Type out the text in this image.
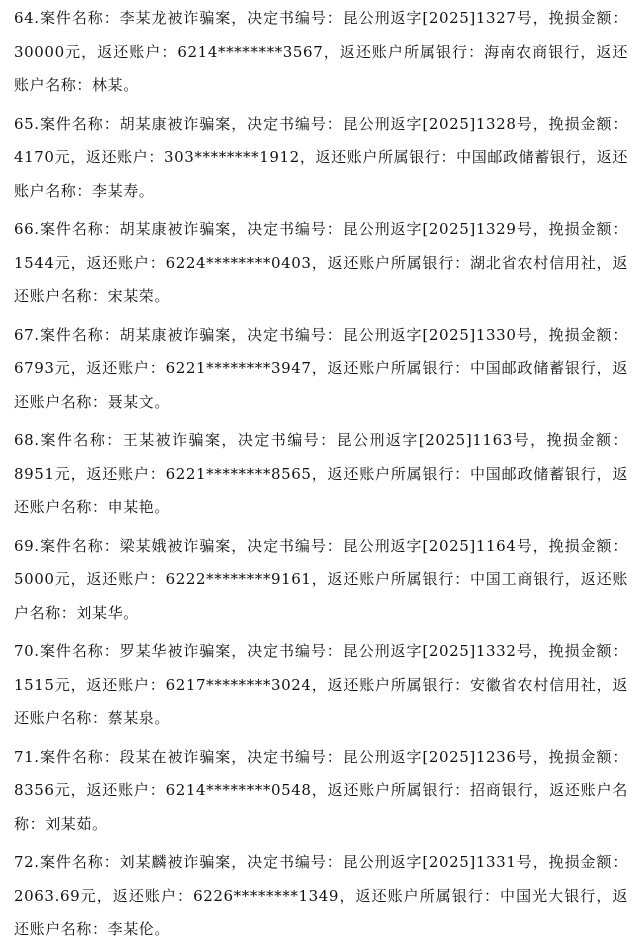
64.案件名称：李某龙被诈骗案，决定书编号：昆公刑返字[2025]1327号，挽损金额：30000元，返还账户：6214********3567，返还账户所属银行：海南农商银行，返还账户名称：林某。

65.案件名称：胡某康被诈骗案，决定书编号：昆公刑返字[2025]1328号，挽损金额：4170元，返还账户：303********1912，返还账户所属银行：中国邮政储蓄银行，返还账户名称：李某寿。

66.案件名称：胡某康被诈骗案，决定书编号：昆公刑返字[2025]1329号，挽损金额：1544元，返还账户：6224********0403，返还账户所属银行：湖北省农村信用社，返还账户名称：宋某荣。

67.案件名称：胡某康被诈骗案，决定书编号：昆公刑返字[2025]1330号，挽损金额：6793元，返还账户：6221********3947，返还账户所属银行：中国邮政储蓄银行，返还账户名称：聂某文。

68.案件名称：王某被诈骗案，决定书编号：昆公刑返字[2025]1163号，挽损金额：8951元，返还账户：6221********8565，返还账户所属银行：中国邮政储蓄银行，返还账户名称：申某艳。

69.案件名称：梁某娥被诈骗案，决定书编号：昆公刑返字[2025]1164号，挽损金额：5000元，返还账户：6222********9161，返还账户所属银行：中国工商银行，返还账户名称：刘某华。

70.案件名称：罗某华被诈骗案，决定书编号：昆公刑返字[2025]1332号，挽损金额：1515元，返还账户：6217********3024，返还账户所属银行：安徽省农村信用社，返还账户名称：蔡某泉。

71.案件名称：段某在被诈骗案，决定书编号：昆公刑返字[2025]1236号，挽损金额：8356元，返还账户：6214********0548，返还账户所属银行：招商银行，返还账户名称：刘某茹。

72.案件名称：刘某麟被诈骗案，决定书编号：昆公刑返字[2025]1331号，挽损金额：2063.69元，返还账户：6226********1349，返还账户所属银行：中国光大银行，返还账户名称：李某伦。
